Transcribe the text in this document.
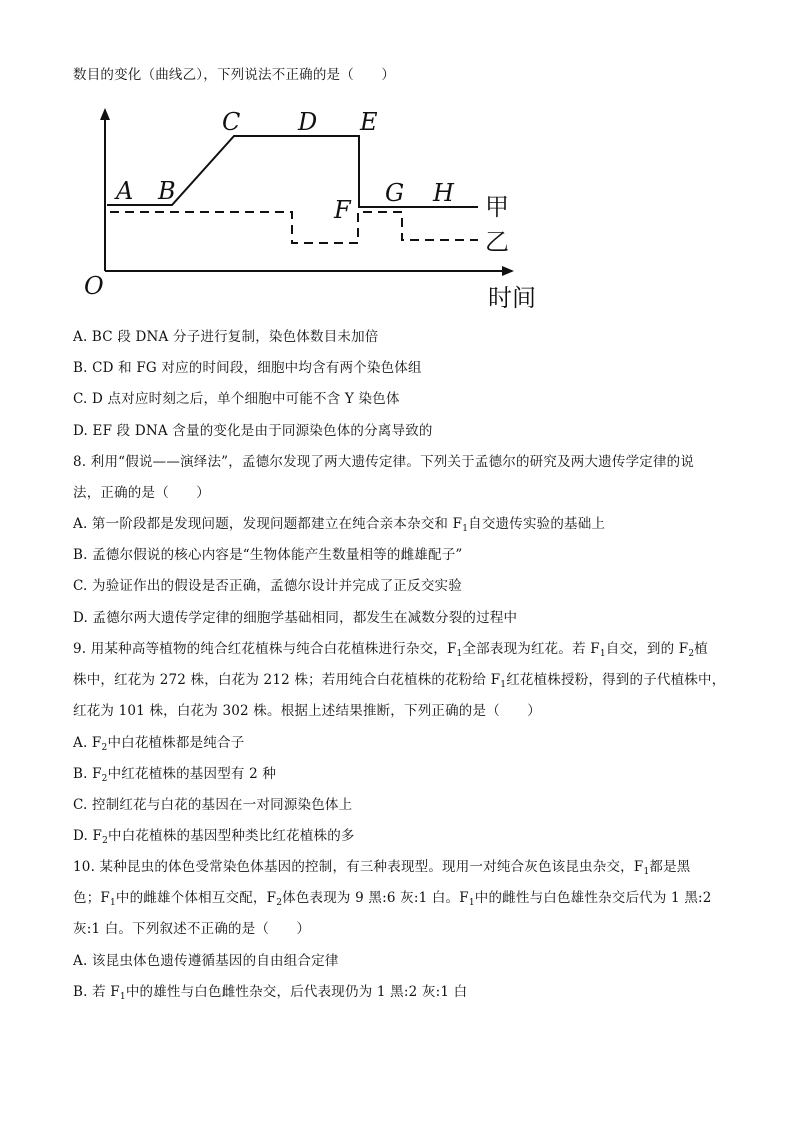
数目的变化（曲线乙），下列说法不正确的是（　　）
O
A B
C D E
F
G H 甲
乙
时间
A. BC 段 DNA 分子进行复制，染色体数目未加倍
B. CD 和 FG 对应的时间段，细胞中均含有两个染色体组
C. D 点对应时刻之后，单个细胞中可能不含 Y 染色体
D. EF 段 DNA 含量的变化是由于同源染色体的分离导致的
8. 利用“假说——演绎法”，孟德尔发现了两大遗传定律。下列关于孟德尔的研究及两大遗传学定律的说
法，正确的是（　　）
A. 第一阶段都是发现问题，发现问题都建立在纯合亲本杂交和 $F_1$自交遗传实验的基础上
B. 孟德尔假说的核心内容是“生物体能产生数量相等的雌雄配子”
C. 为验证作出的假设是否正确，孟德尔设计并完成了正反交实验
D. 孟德尔两大遗传学定律的细胞学基础相同，都发生在减数分裂的过程中
9. 用某种高等植物的纯合红花植株与纯合白花植株进行杂交，$F_1$全部表现为红花。若 $F_1$自交，到的 $F_2$植
株中，红花为 272 株，白花为 212 株；若用纯合白花植株的花粉给 $F_1$红花植株授粉，得到的子代植株中，
红花为 101 株，白花为 302 株。根据上述结果推断，下列正确的是（　　）
A. $F_2$中白花植株都是纯合子
B. $F_2$中红花植株的基因型有 2 种
C. 控制红花与白花的基因在一对同源染色体上
D. $F_2$中白花植株的基因型种类比红花植株的多
10. 某种昆虫的体色受常染色体基因的控制，有三种表现型。现用一对纯合灰色该昆虫杂交，$F_1$都是黑
色；$F_1$中的雌雄个体相互交配，$F_2$体色表现为 9 黑:6 灰:1 白。$F_1$中的雌性与白色雄性杂交后代为 1 黑:2
灰:1 白。下列叙述不正确的是（　　）
A. 该昆虫体色遗传遵循基因的自由组合定律
B. 若 $F_1$中的雄性与白色雌性杂交，后代表现仍为 1 黑:2 灰:1 白
